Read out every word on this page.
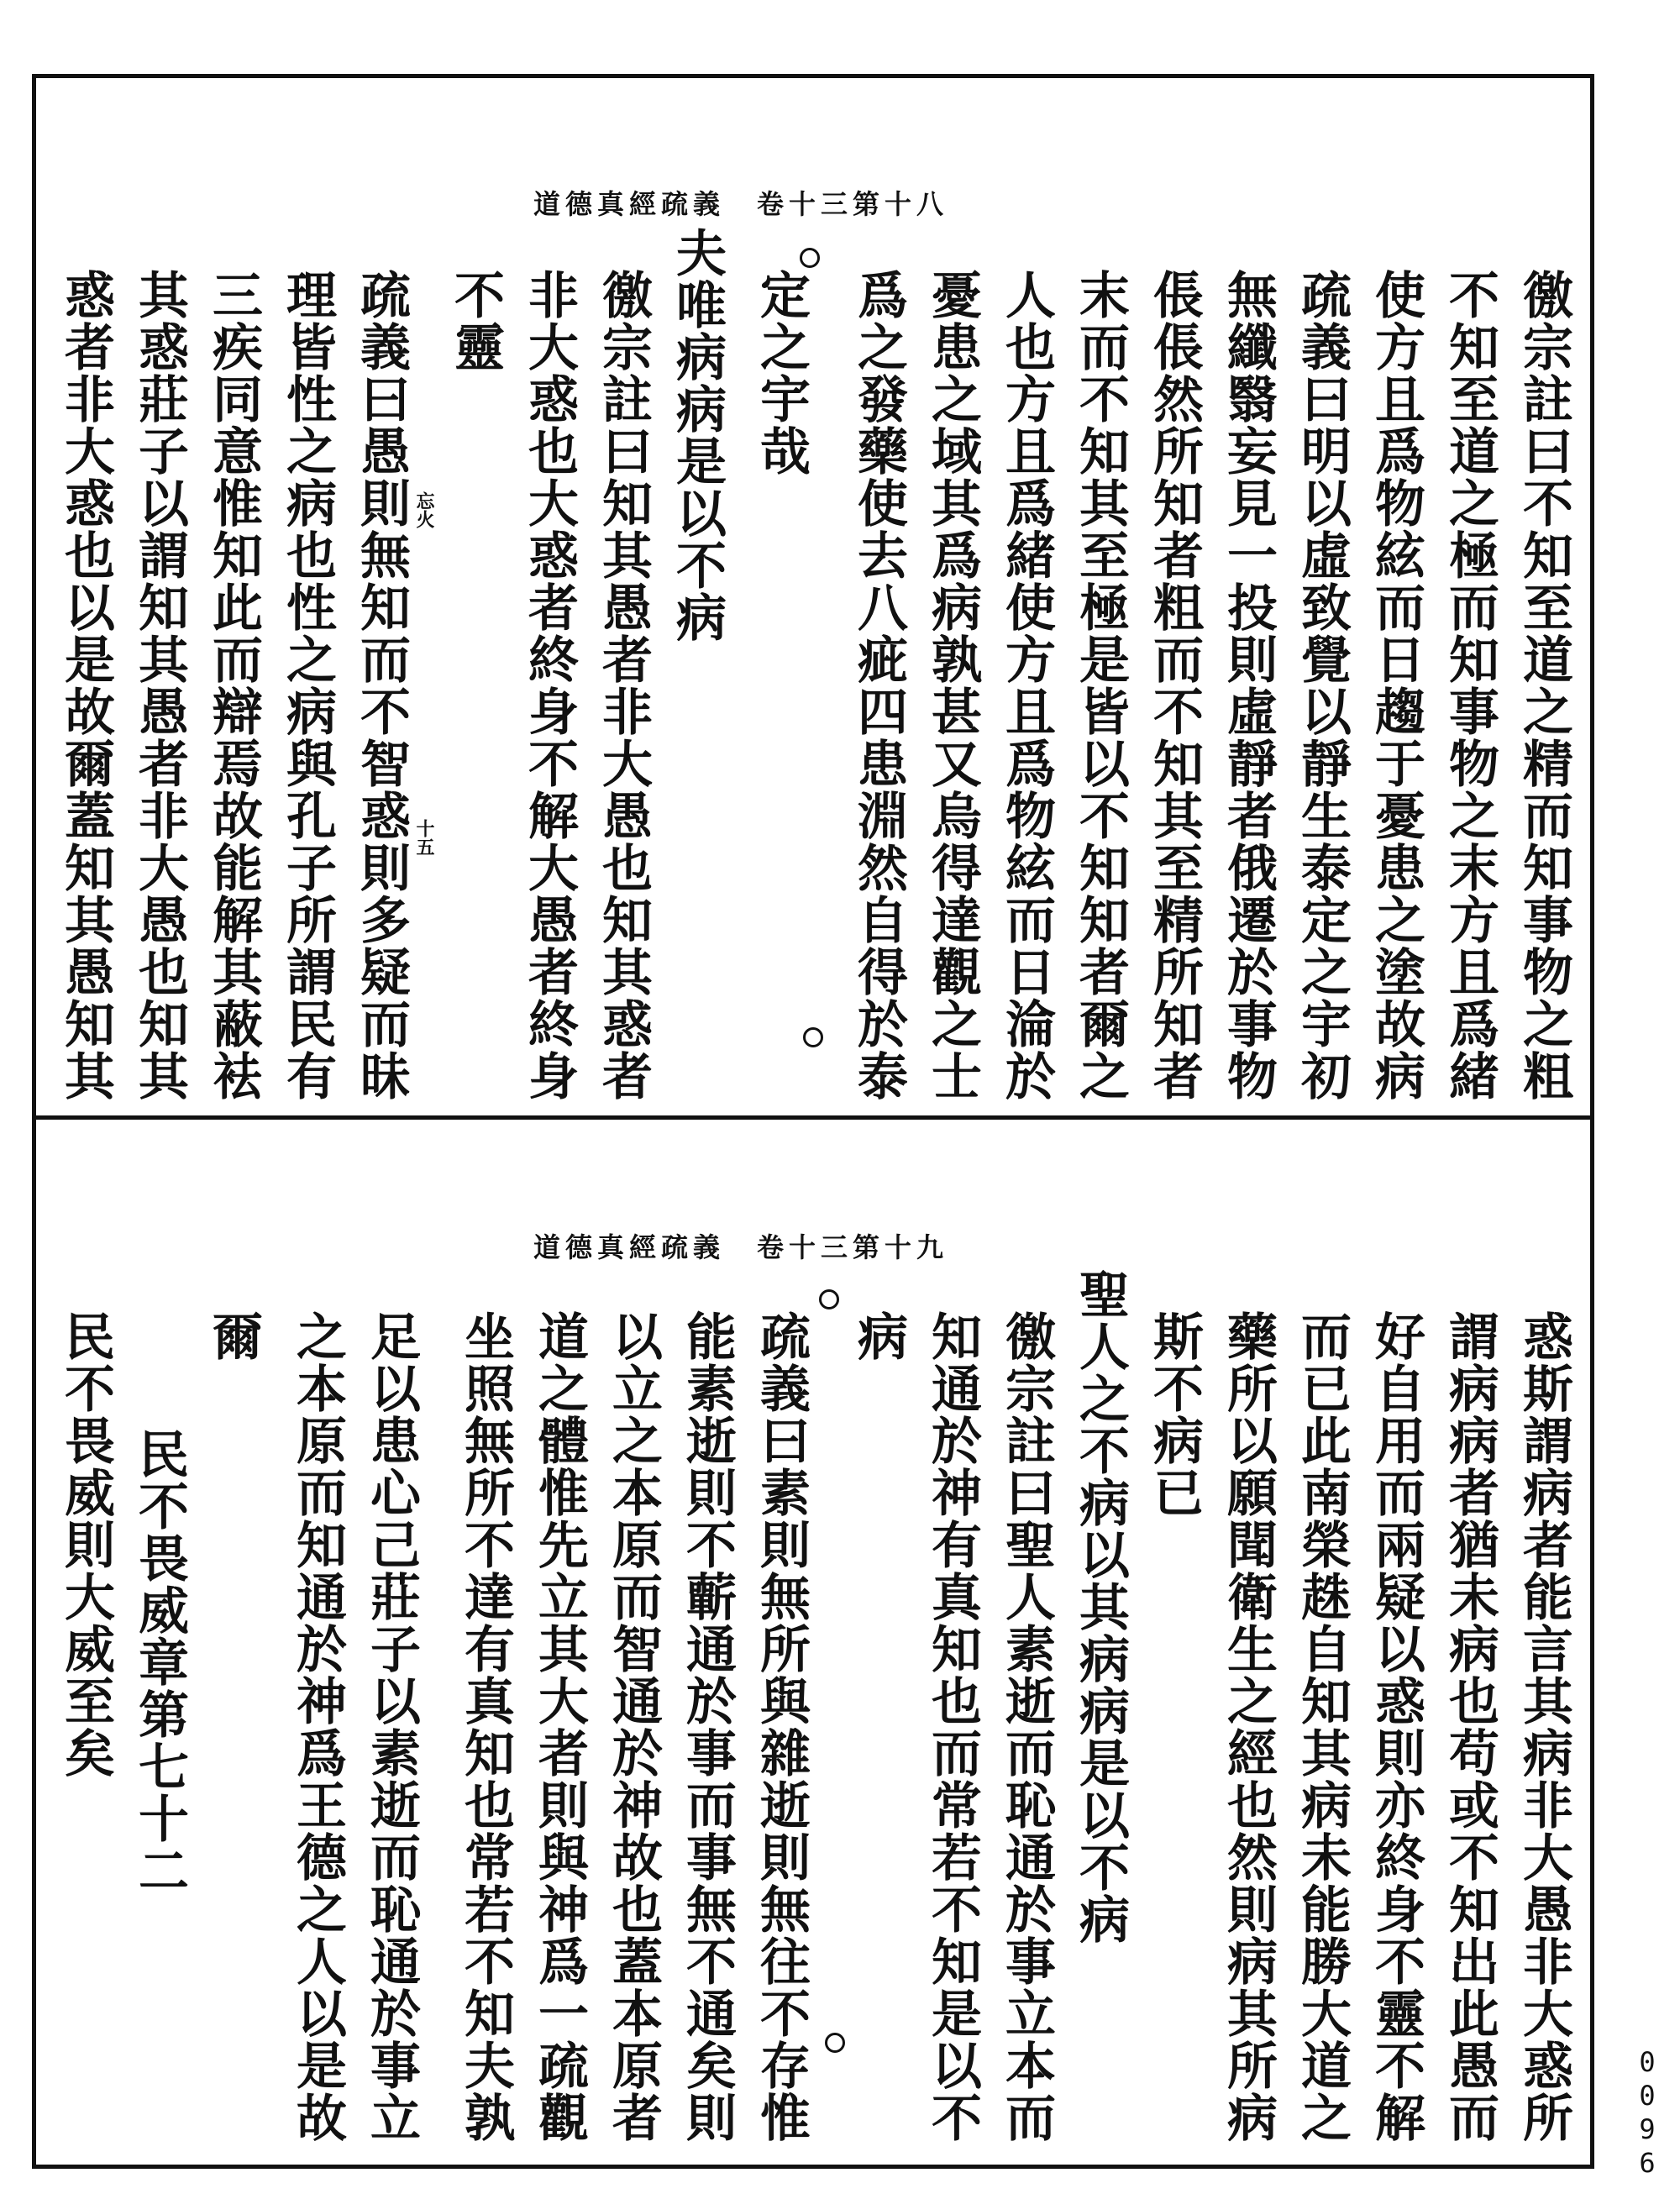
道德真經疏義　卷十三第十八
徼宗註曰不知至道之精而知事物之粗
不知至道之極而知事物之末方且爲緒
使方且爲物絃而日趨于憂患之塗故病
疏義曰明以虛致覺以靜生泰定之宇初
無纖翳妄見一投則虛靜者俄遷於事物
倀倀然所知者粗而不知其至精所知者
末而不知其至極是皆以不知知者爾之
人也方且爲緒使方且爲物絃而日淪於
憂患之域其爲病孰甚又烏得達觀之士
爲之發藥使去八疵四患淵然自得於泰
定之宇哉
夫唯病病是以不病
徼宗註曰知其愚者非大愚也知其惑者
非大惑也大惑者終身不解大愚者終身
不靈
疏義曰愚則無知而不智惑則多疑而昧
理皆性之病也性之病與孔子所謂民有
三疾同意惟知此而辯焉故能解其蔽袪
其惑莊子以謂知其愚者非大愚也知其
惑者非大惑也以是故爾蓋知其愚知其	十五
忘火
道德真經疏義　卷十三第十九
惑斯謂病者能言其病非大愚非大惑所
謂病病者猶未病也苟或不知出此愚而
好自用而兩疑以惑則亦終身不靈不解
而已此南榮趎自知其病未能勝大道之
藥所以願聞衛生之經也然則病其所病
斯不病已
聖人之不病以其病病是以不病
徼宗註曰聖人素逝而恥通於事立本而
知通於神有真知也而常若不知是以不
病
疏義曰素則無所與雜逝則無往不存惟
能素逝則不蘄通於事而事無不通矣則
以立之本原而智通於神故也蓋本原者
道之體惟先立其大者則與神爲一疏觀
坐照無所不達有真知也常若不知夫孰
足以患心己莊子以素逝而恥通於事立
之本原而知通於神爲王德之人以是故
爾
民不畏威章第七十二
民不畏威則大威至矣
0096
